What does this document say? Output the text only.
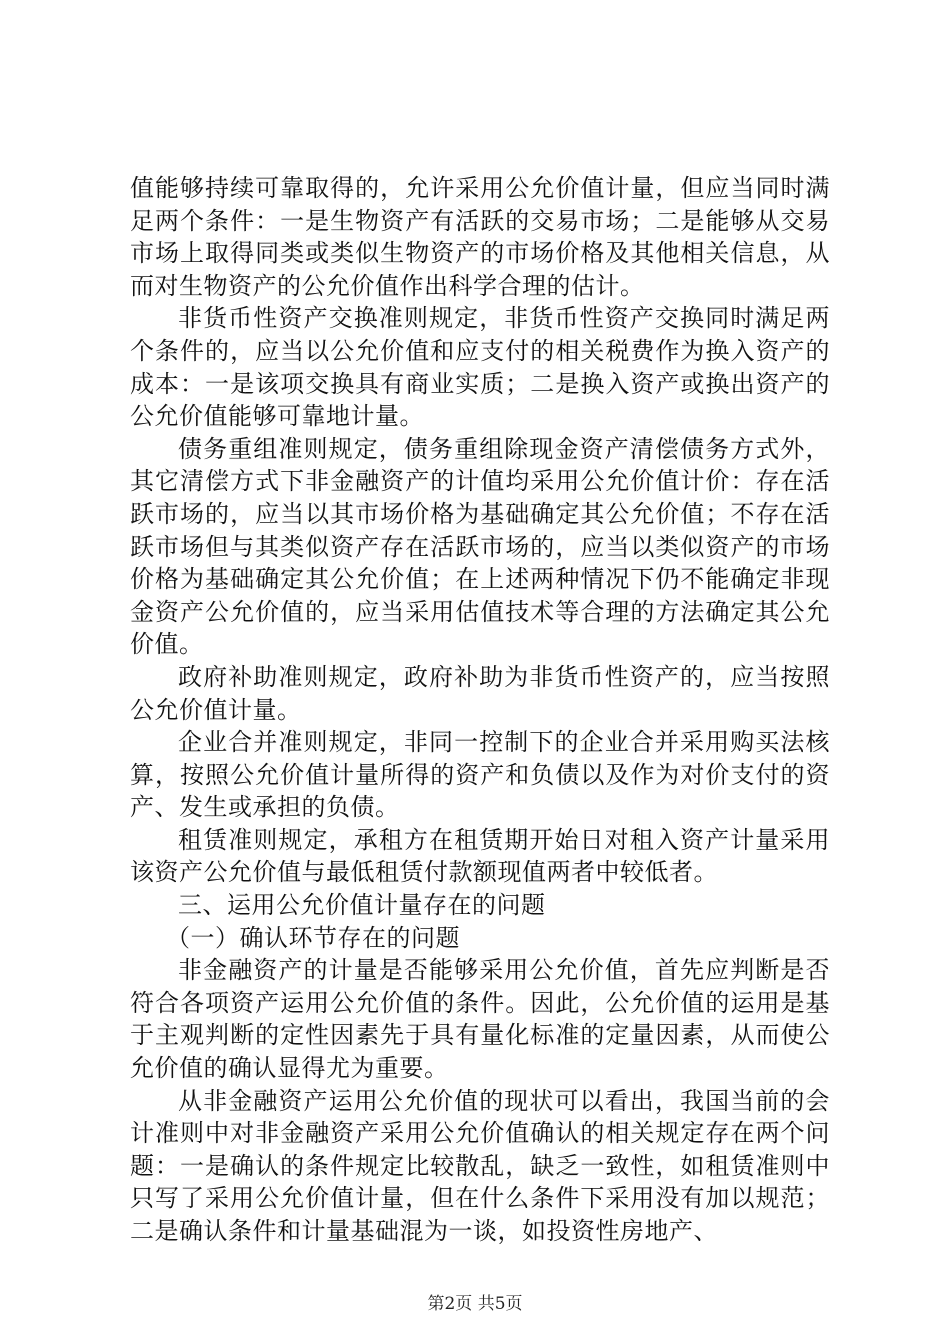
值能够持续可靠取得的，允许采用公允价值计量，但应当同时满足两个条件：一是生物资产有活跃的交易市场；二是能够从交易市场上取得同类或类似生物资产的市场价格及其他相关信息，从而对生物资产的公允价值作出科学合理的估计。

非货币性资产交换准则规定，非货币性资产交换同时满足两个条件的，应当以公允价值和应支付的相关税费作为换入资产的成本：一是该项交换具有商业实质；二是换入资产或换出资产的公允价值能够可靠地计量。

债务重组准则规定，债务重组除现金资产清偿债务方式外，其它清偿方式下非金融资产的计值均采用公允价值计价：存在活跃市场的，应当以其市场价格为基础确定其公允价值；不存在活跃市场但与其类似资产存在活跃市场的，应当以类似资产的市场价格为基础确定其公允价值；在上述两种情况下仍不能确定非现金资产公允价值的，应当采用估值技术等合理的方法确定其公允价值。

政府补助准则规定，政府补助为非货币性资产的，应当按照公允价值计量。

企业合并准则规定，非同一控制下的企业合并采用购买法核算，按照公允价值计量所得的资产和负债以及作为对价支付的资产、发生或承担的负债。

租赁准则规定，承租方在租赁期开始日对租入资产计量采用该资产公允价值与最低租赁付款额现值两者中较低者。

三、运用公允价值计量存在的问题

（一）确认环节存在的问题

非金融资产的计量是否能够采用公允价值，首先应判断是否符合各项资产运用公允价值的条件。因此，公允价值的运用是基于主观判断的定性因素先于具有量化标准的定量因素，从而使公允价值的确认显得尤为重要。

从非金融资产运用公允价值的现状可以看出，我国当前的会计准则中对非金融资产采用公允价值确认的相关规定存在两个问题：一是确认的条件规定比较散乱，缺乏一致性，如租赁准则中只写了采用公允价值计量，但在什么条件下采用没有加以规范；二是确认条件和计量基础混为一谈，如投资性房地产、

第2页 共5页
